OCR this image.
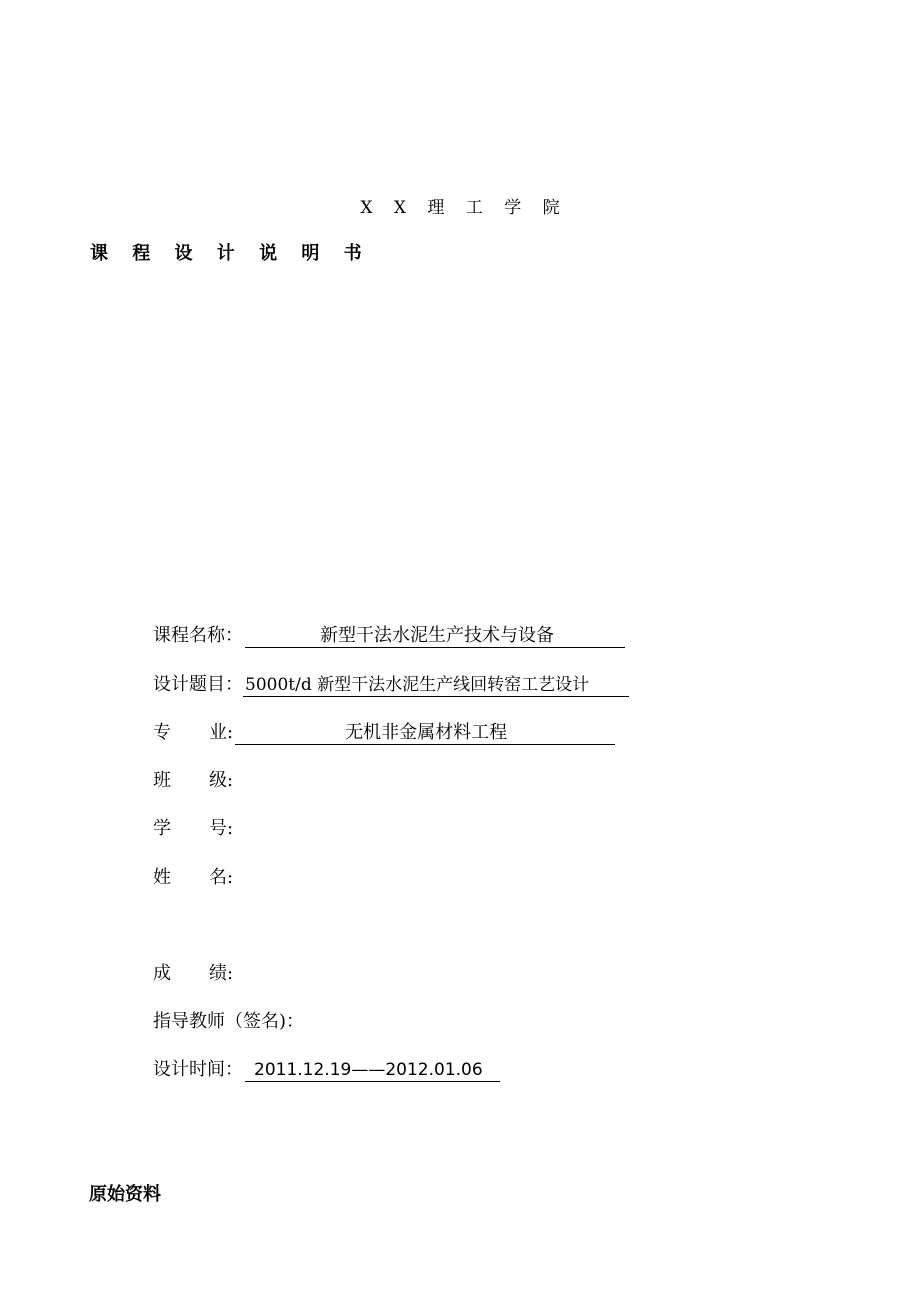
X X 理 工 学 院
课 程 设 计 说 明 书
课程名称：	新型干法水泥生产技术与设备
设计题目： 5000t/d 新型干法水泥生产线回转窑工艺设计
专 业:	无机非金属材料工程
班 级:
学 号:
姓 名:
成 绩:
指导教师（签名)：
设计时间： 2011.12.19——2012.01.06
原始资料
